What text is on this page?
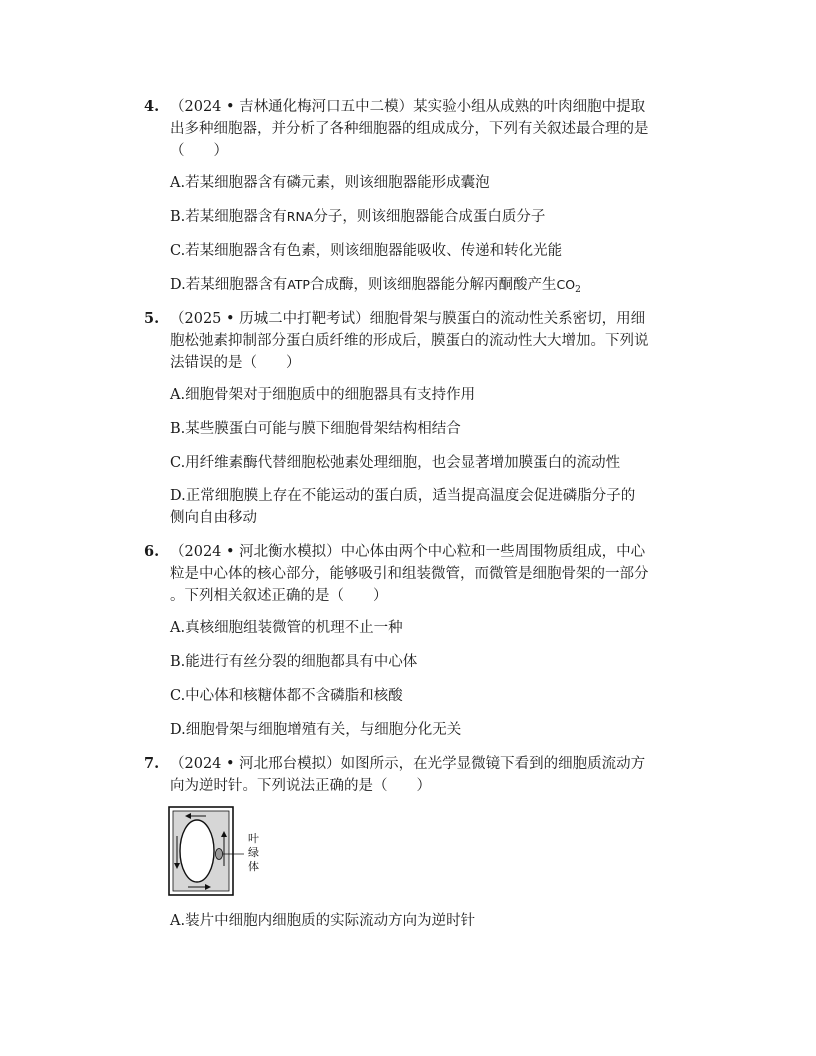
4. （2024 • 吉林通化梅河口五中二模）某实验小组从成熟的叶肉细胞中提取
出多种细胞器，并分析了各种细胞器的组成成分，下列有关叙述最合理的是
（　　）
A.若某细胞器含有磷元素，则该细胞器能形成囊泡
B.若某细胞器含有RNA分子，则该细胞器能合成蛋白质分子
C.若某细胞器含有色素，则该细胞器能吸收、传递和转化光能
D.若某细胞器含有ATP合成酶，则该细胞器能分解丙酮酸产生$CO_2$
5. （2025 • 历城二中打靶考试）细胞骨架与膜蛋白的流动性关系密切，用细
胞松弛素抑制部分蛋白质纤维的形成后，膜蛋白的流动性大大增加。下列说
法错误的是（　　）
A.细胞骨架对于细胞质中的细胞器具有支持作用
B.某些膜蛋白可能与膜下细胞骨架结构相结合
C.用纤维素酶代替细胞松弛素处理细胞，也会显著增加膜蛋白的流动性
D.正常细胞膜上存在不能运动的蛋白质，适当提高温度会促进磷脂分子的
侧向自由移动
6. （2024 • 河北衡水模拟）中心体由两个中心粒和一些周围物质组成，中心
粒是中心体的核心部分，能够吸引和组装微管，而微管是细胞骨架的一部分
。下列相关叙述正确的是（　　）
A.真核细胞组装微管的机理不止一种
B.能进行有丝分裂的细胞都具有中心体
C.中心体和核糖体都不含磷脂和核酸
D.细胞骨架与细胞增殖有关，与细胞分化无关
7. （2024 • 河北邢台模拟）如图所示，在光学显微镜下看到的细胞质流动方
向为逆时针。下列说法正确的是（　　）
叶
绿
体
A.装片中细胞内细胞质的实际流动方向为逆时针
